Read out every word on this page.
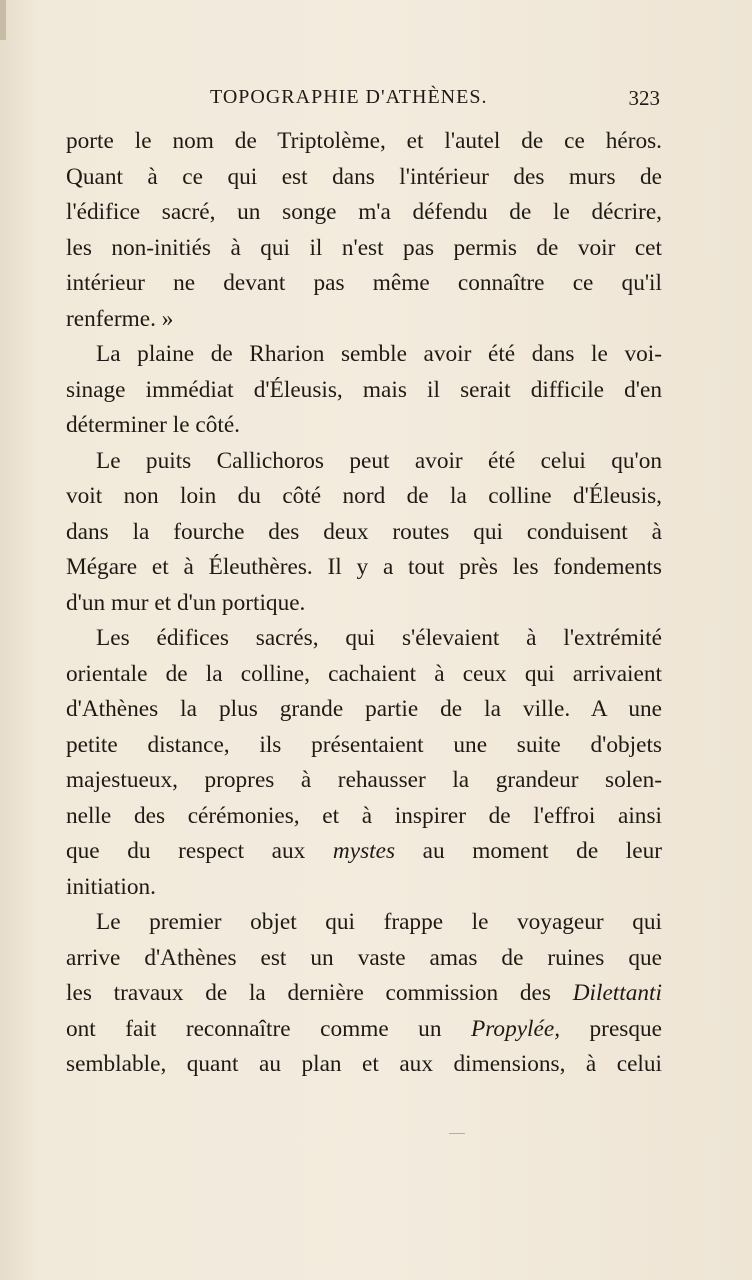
TOPOGRAPHIE D'ATHÈNES.	323
porte le nom de Triptolème, et l'autel de ce héros.
Quant à ce qui est dans l'intérieur des murs de
l'édifice sacré, un songe m'a défendu de le décrire,
les non-initiés à qui il n'est pas permis de voir cet
intérieur ne devant pas même connaître ce qu'il
renferme. »
La plaine de Rharion semble avoir été dans le voi-
sinage immédiat d'Éleusis, mais il serait difficile d'en
déterminer le côté.
Le puits Callichoros peut avoir été celui qu'on
voit non loin du côté nord de la colline d'Éleusis,
dans la fourche des deux routes qui conduisent à
Mégare et à Éleuthères. Il y a tout près les fondements
d'un mur et d'un portique.
Les édifices sacrés, qui s'élevaient à l'extrémité
orientale de la colline, cachaient à ceux qui arrivaient
d'Athènes la plus grande partie de la ville. A une
petite distance, ils présentaient une suite d'objets
majestueux, propres à rehausser la grandeur solen-
nelle des cérémonies, et à inspirer de l'effroi ainsi
que du respect aux mystes au moment de leur
initiation.
Le premier objet qui frappe le voyageur qui
arrive d'Athènes est un vaste amas de ruines que
les travaux de la dernière commission des Dilettanti
ont fait reconnaître comme un Propylée, presque
semblable, quant au plan et aux dimensions, à celui
